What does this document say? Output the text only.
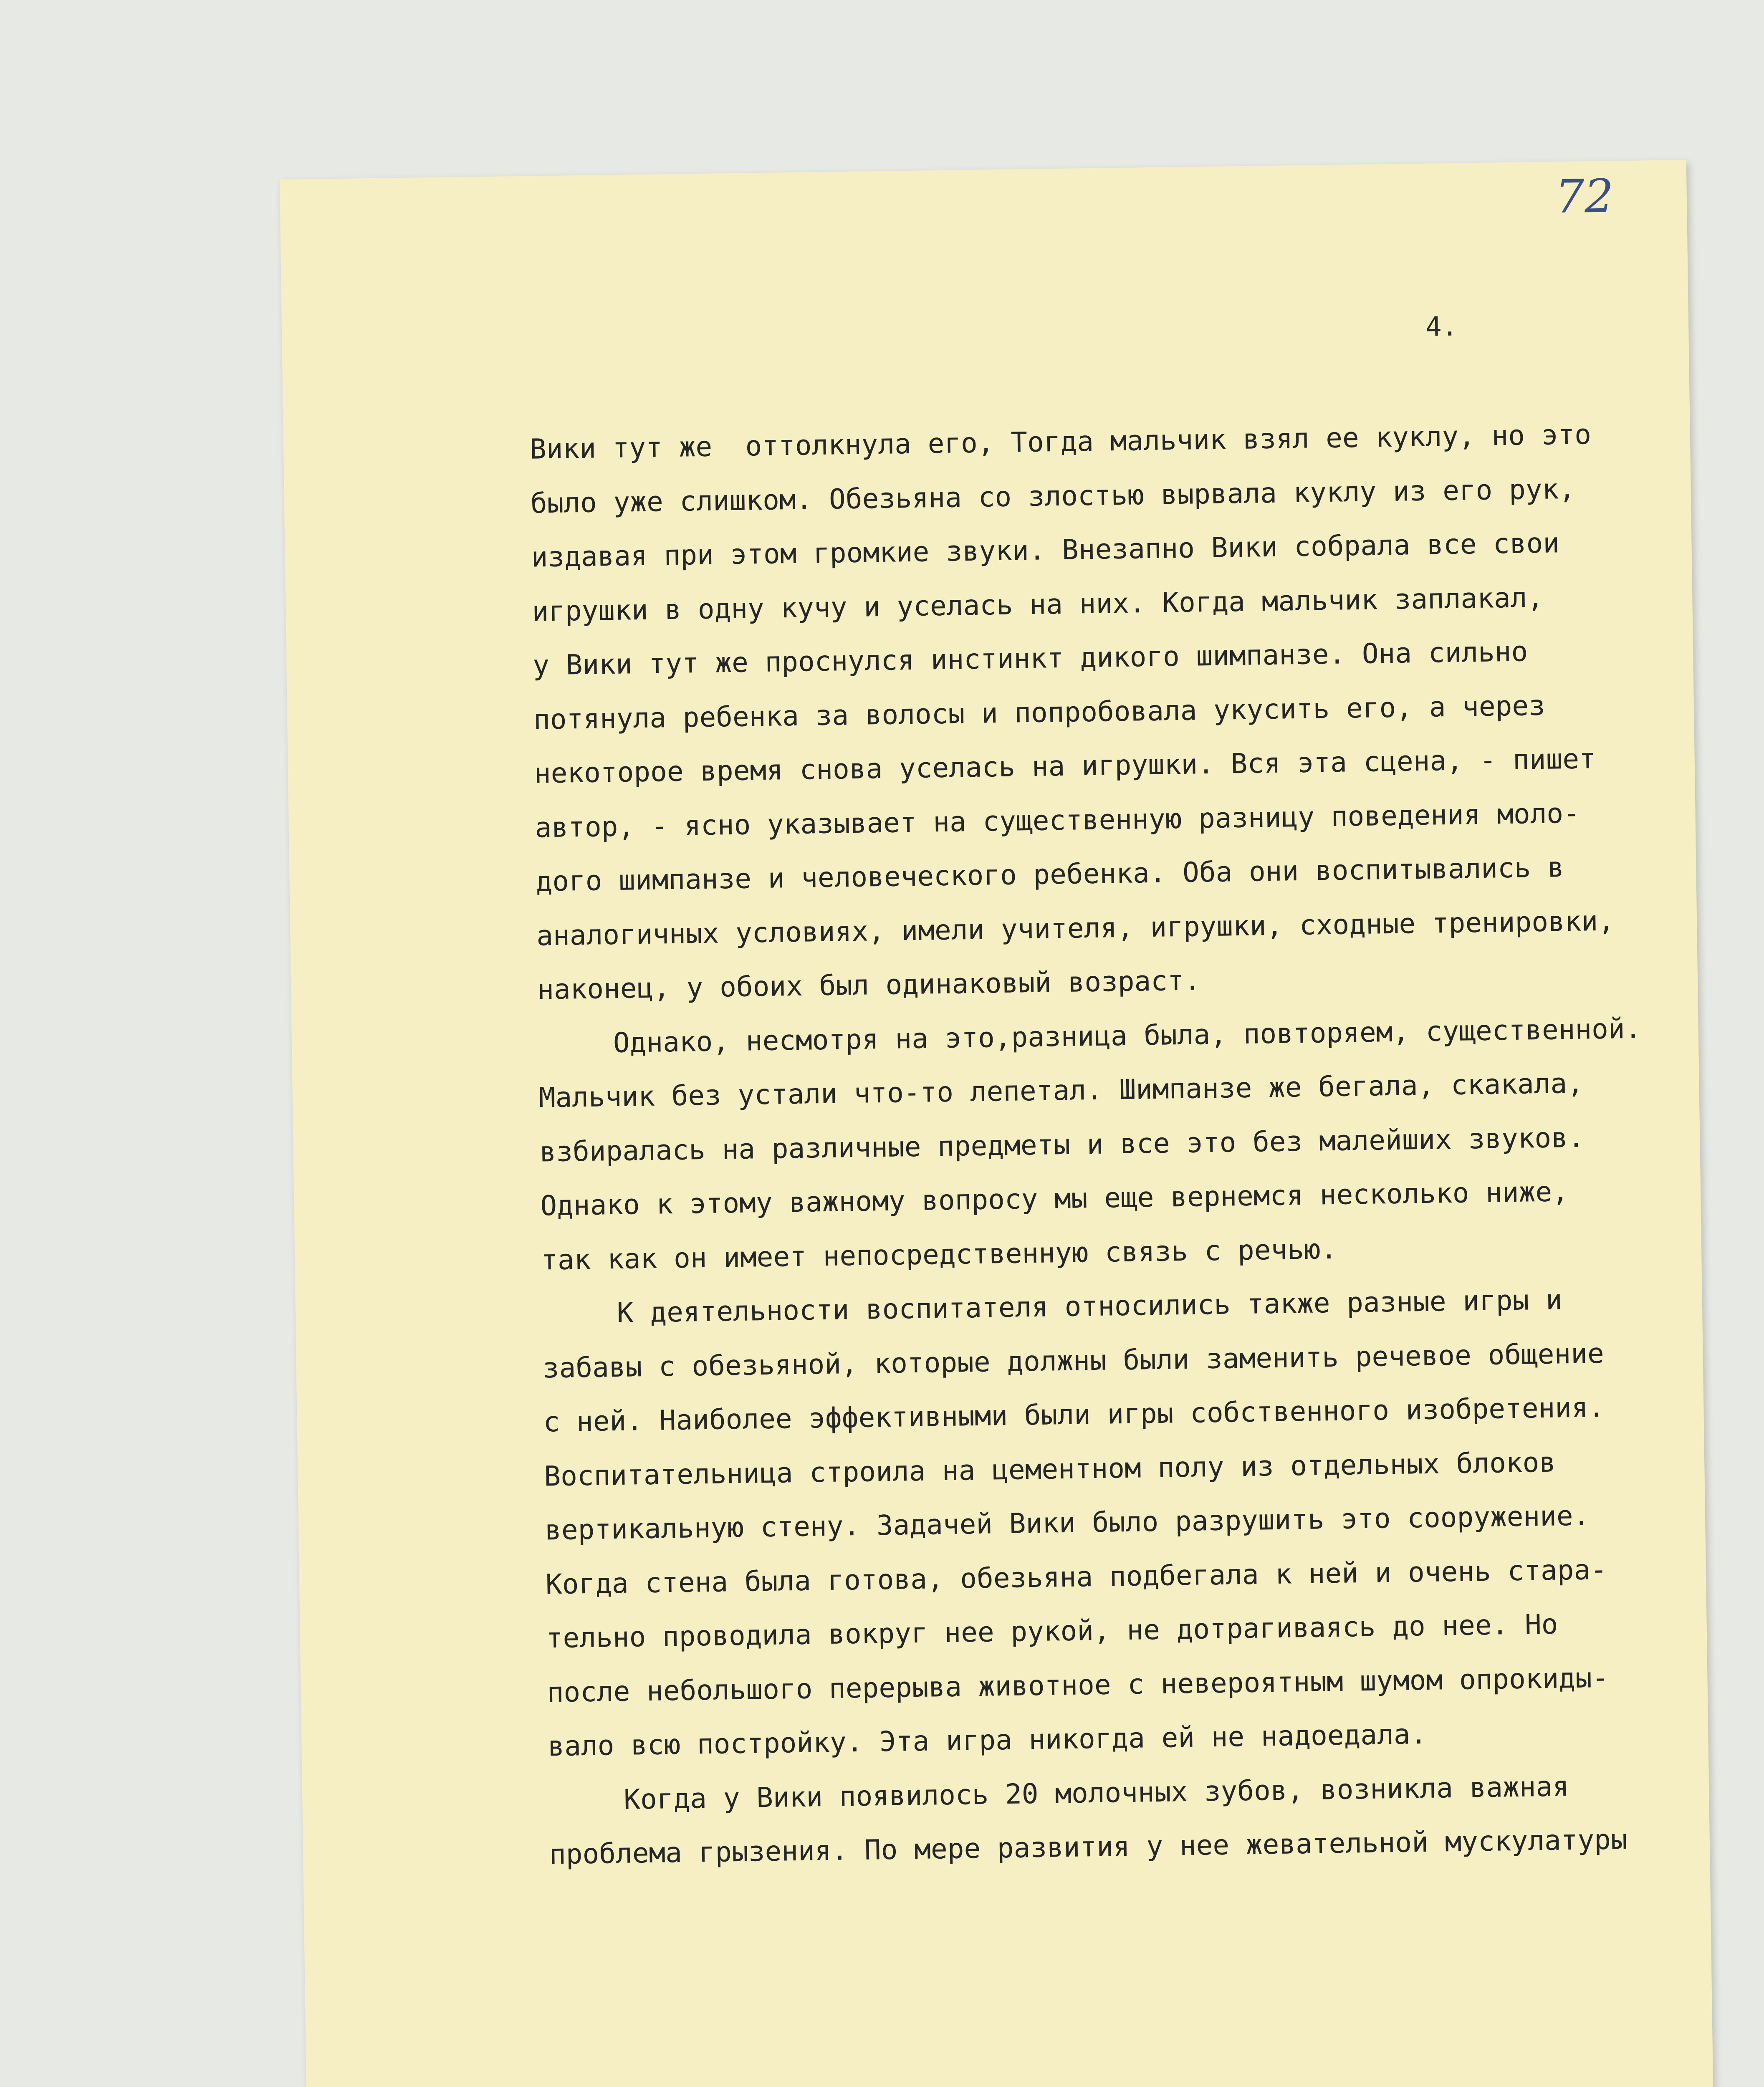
72
4.
Вики тут же  оттолкнула его, Тогда мальчик взял ее куклу, но это
было уже слишком. Обезьяна со злостью вырвала куклу из его рук,
издавая при этом громкие звуки. Внезапно Вики собрала все свои
игрушки в одну кучу и уселась на них. Когда мальчик заплакал,
у Вики тут же проснулся инстинкт дикого шимпанзе. Она сильно
потянула ребенка за волосы и попробовала укусить его, а через
некоторое время снова уселась на игрушки. Вся эта сцена, - пишет
автор, - ясно указывает на существенную разницу поведения моло-
дого шимпанзе и человеческого ребенка. Оба они воспитывались в
аналогичных условиях, имели учителя, игрушки, сходные тренировки,
наконец, у обоих был одинаковый возраст.
Однако, несмотря на это,разница была, повторяем, существенной.
Мальчик без устали что-то лепетал. Шимпанзе же бегала, скакала,
взбиралась на различные предметы и все это без малейших звуков.
Однако к этому важному вопросу мы еще вернемся несколько ниже,
так как он имеет непосредственную связь с речью.
К деятельности воспитателя относились также разные игры и
забавы с обезьяной, которые должны были заменить речевое общение
с ней. Наиболее эффективными были игры собственного изобретения.
Воспитательница строила на цементном полу из отдельных блоков
вертикальную стену. Задачей Вики было разрушить это сооружение.
Когда стена была готова, обезьяна подбегала к ней и очень стара-
тельно проводила вокруг нее рукой, не дотрагиваясь до нее. Но
после небольшого перерыва животное с невероятным шумом опрокиды-
вало всю постройку. Эта игра никогда ей не надоедала.
Когда у Вики появилось 20 молочных зубов, возникла важная
проблема грызения. По мере развития у нее жевательной мускулатуры
